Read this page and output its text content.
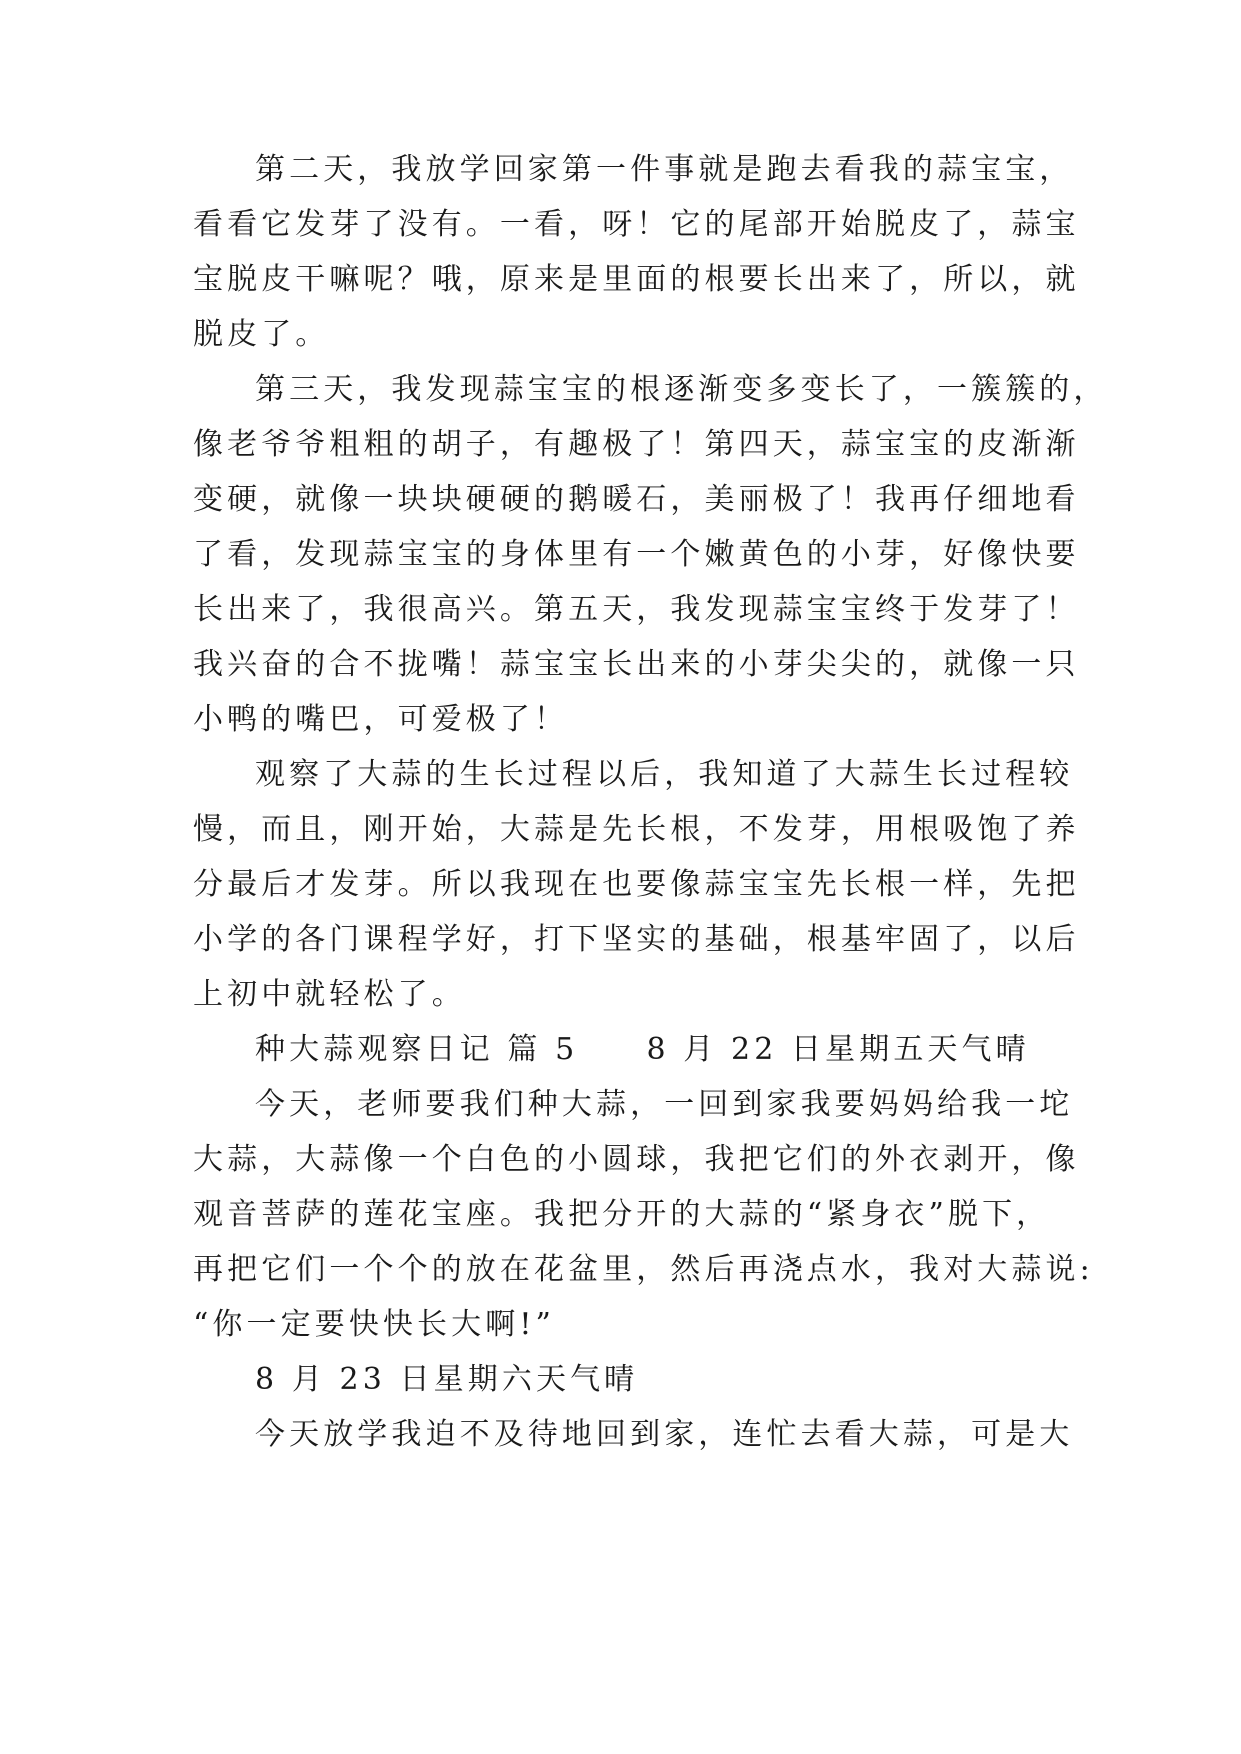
第二天，我放学回家第一件事就是跑去看我的蒜宝宝，
看看它发芽了没有。一看，呀！它的尾部开始脱皮了，蒜宝
宝脱皮干嘛呢？哦，原来是里面的根要长出来了，所以，就
脱皮了。
第三天，我发现蒜宝宝的根逐渐变多变长了，一簇簇的，
像老爷爷粗粗的胡子，有趣极了！第四天，蒜宝宝的皮渐渐
变硬，就像一块块硬硬的鹅暖石，美丽极了！我再仔细地看
了看，发现蒜宝宝的身体里有一个嫩黄色的小芽，好像快要
长出来了，我很高兴。第五天，我发现蒜宝宝终于发芽了！
我兴奋的合不拢嘴！蒜宝宝长出来的小芽尖尖的，就像一只
小鸭的嘴巴，可爱极了！
观察了大蒜的生长过程以后，我知道了大蒜生长过程较
慢，而且，刚开始，大蒜是先长根，不发芽，用根吸饱了养
分最后才发芽。所以我现在也要像蒜宝宝先长根一样，先把
小学的各门课程学好，打下坚实的基础，根基牢固了，以后
上初中就轻松了。
种大蒜观察日记 篇 5　　8 月 22 日星期五天气晴
今天，老师要我们种大蒜，一回到家我要妈妈给我一坨
大蒜，大蒜像一个白色的小圆球，我把它们的外衣剥开，像
观音菩萨的莲花宝座。我把分开的大蒜的“紧身衣”脱下，
再把它们一个个的放在花盆里，然后再浇点水，我对大蒜说:
“你一定要快快长大啊!”
8 月 23 日星期六天气晴
今天放学我迫不及待地回到家，连忙去看大蒜，可是大
